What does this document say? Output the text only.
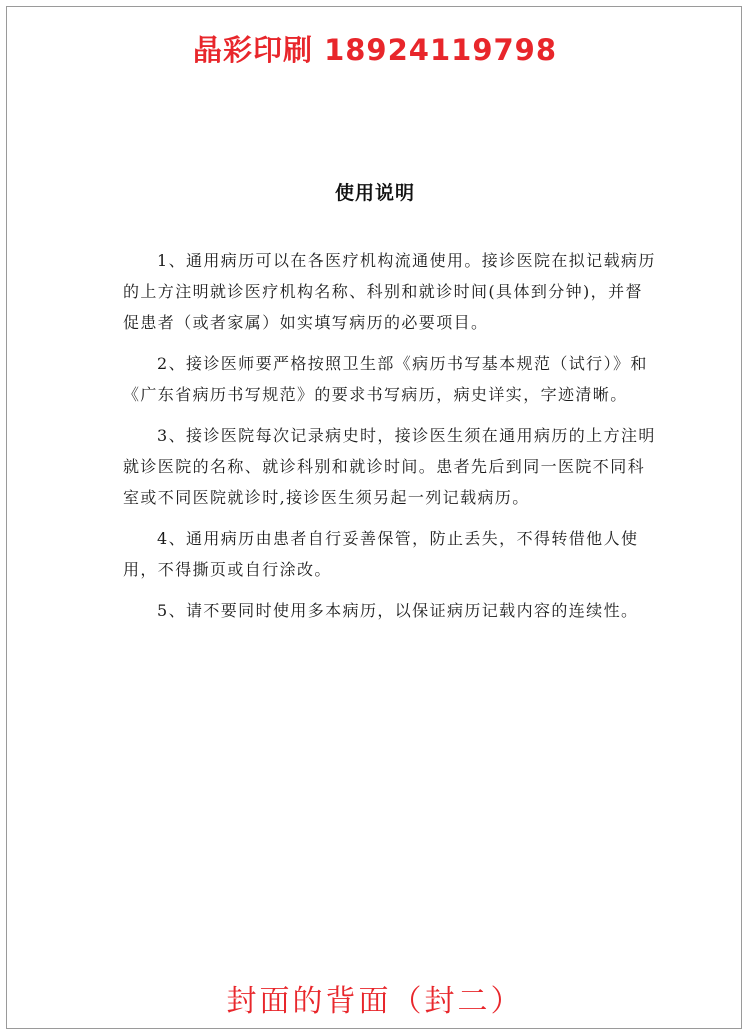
晶彩印刷 18924119798
使用说明
1、通用病历可以在各医疗机构流通使用。接诊医院在拟记载病历的上方注明就诊医疗机构名称、科别和就诊时间(具体到分钟)，并督促患者（或者家属）如实填写病历的必要项目。
2、接诊医师要严格按照卫生部《病历书写基本规范（试行）》和《广东省病历书写规范》的要求书写病历，病史详实，字迹清晰。
3、接诊医院每次记录病史时，接诊医生须在通用病历的上方注明就诊医院的名称、就诊科别和就诊时间。患者先后到同一医院不同科室或不同医院就诊时,接诊医生须另起一列记载病历。
4、通用病历由患者自行妥善保管，防止丢失，不得转借他人使用，不得撕页或自行涂改。
5、请不要同时使用多本病历，以保证病历记载内容的连续性。
封面的背面（封二）
